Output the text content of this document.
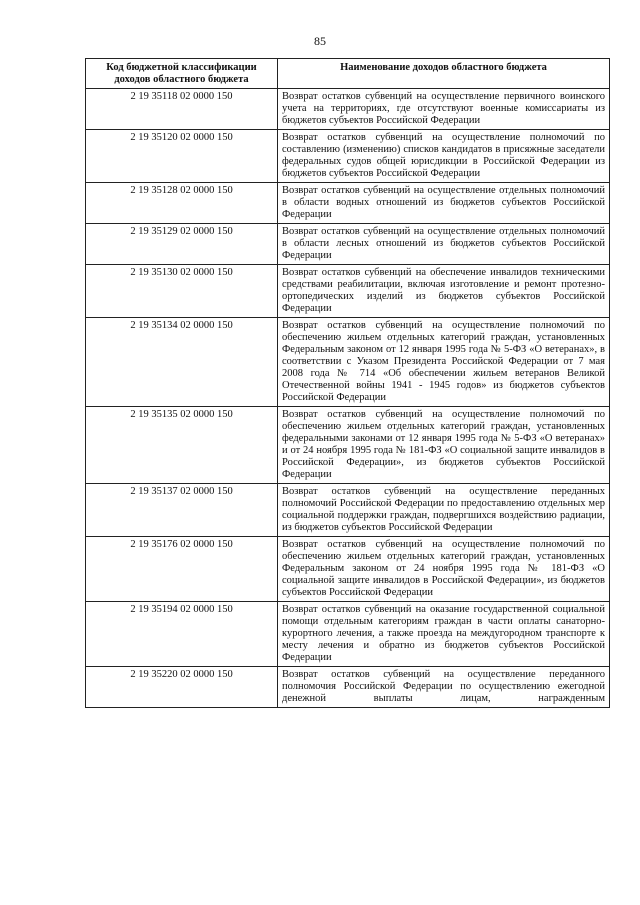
85
Код бюджетной классификации доходов областного бюджета	Наименование доходов областного бюджета
2 19 35118 02 0000 150	Возврат остатков субвенций на осуществление первичного воинского учета на территориях, где отсутствуют военные комиссариаты из бюджетов субъектов Российской Федерации
2 19 35120 02 0000 150	Возврат остатков субвенций на осуществление полномочий по составлению (изменению) списков кандидатов в присяжные заседатели федеральных судов общей юрисдикции в Российской Федерации из бюджетов субъектов Российской Федерации
2 19 35128 02 0000 150	Возврат остатков субвенций на осуществление отдельных полномочий в области водных отношений из бюджетов субъектов Российской Федерации
2 19 35129 02 0000 150	Возврат остатков субвенций на осуществление отдельных полномочий в области лесных отношений из бюджетов субъектов Российской Федерации
2 19 35130 02 0000 150	Возврат остатков субвенций на обеспечение инвалидов техническими средствами реабилитации, включая изготовление и ремонт протезно-ортопедических изделий из бюджетов субъектов Российской Федерации
2 19 35134 02 0000 150	Возврат остатков субвенций на осуществление полномочий по обеспечению жильем отдельных категорий граждан, установленных Федеральным законом от 12 января 1995 года № 5-ФЗ «О ветеранах», в соответствии с Указом Президента Российской Федерации от 7 мая 2008 года № 714 «Об обеспечении жильем ветеранов Великой Отечественной войны 1941 - 1945 годов» из бюджетов субъектов Российской Федерации
2 19 35135 02 0000 150	Возврат остатков субвенций на осуществление полномочий по обеспечению жильем отдельных категорий граждан, установленных федеральными законами от 12 января 1995 года № 5-ФЗ «О ветеранах» и от 24 ноября 1995 года № 181-ФЗ «О социальной защите инвалидов в Российской Федерации», из бюджетов субъектов Российской Федерации
2 19 35137 02 0000 150	Возврат остатков субвенций на осуществление переданных полномочий Российской Федерации по предоставлению отдельных мер социальной поддержки граждан, подвергшихся воздействию радиации, из бюджетов субъектов Российской Федерации
2 19 35176 02 0000 150	Возврат остатков субвенций на осуществление полномочий по обеспечению жильем отдельных категорий граждан, установленных Федеральным законом от 24 ноября 1995 года № 181-ФЗ «О социальной защите инвалидов в Российской Федерации», из бюджетов субъектов Российской Федерации
2 19 35194 02 0000 150	Возврат остатков субвенций на оказание государственной социальной помощи отдельным категориям граждан в части оплаты санаторно-курортного лечения, а также проезда на междугородном транспорте к месту лечения и обратно из бюджетов субъектов Российской Федерации
2 19 35220 02 0000 150	Возврат остатков субвенций на осуществление переданного полномочия Российской Федерации по осуществлению ежегодной денежной выплаты лицам, награжденным
